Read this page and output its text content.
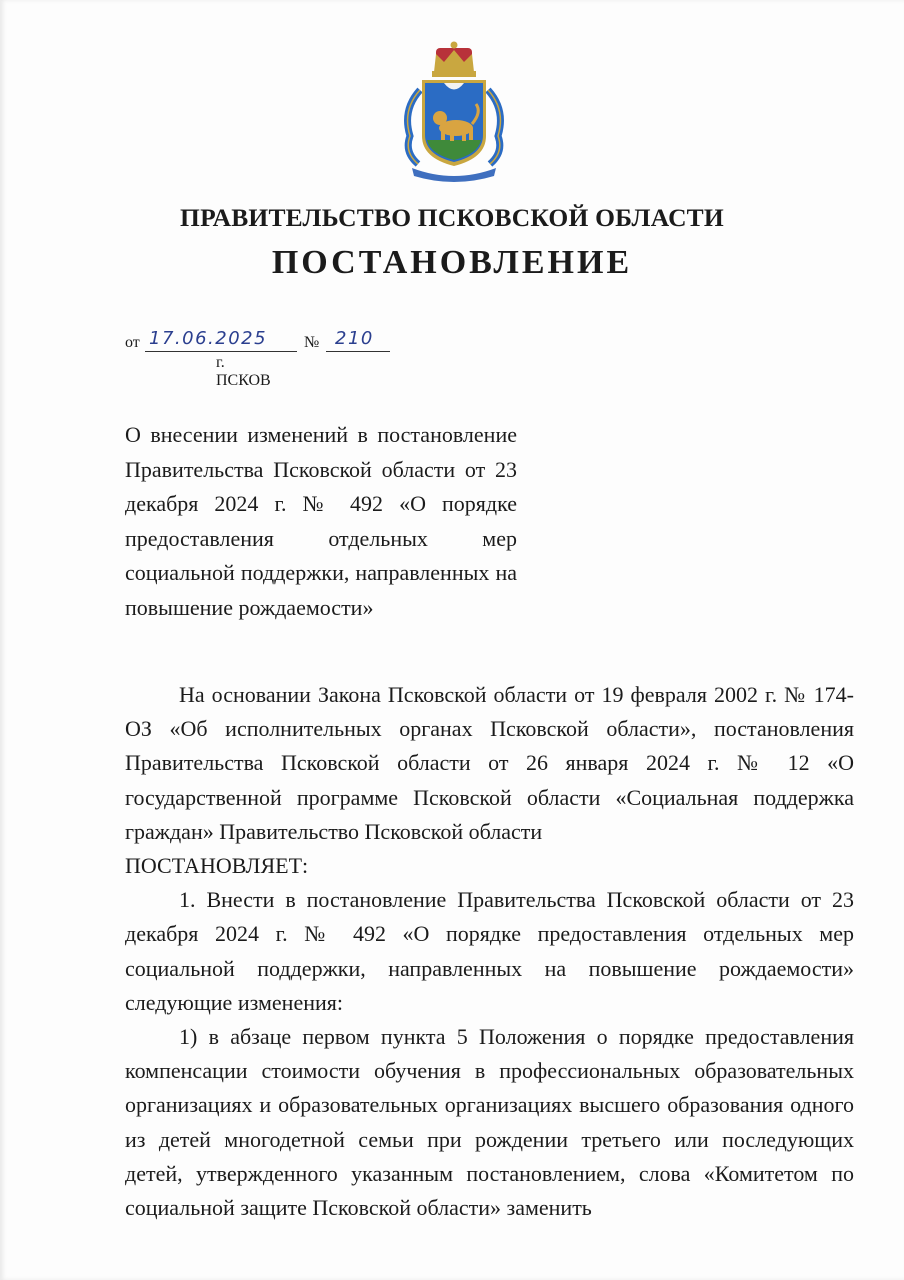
ПРАВИТЕЛЬСТВО ПСКОВСКОЙ ОБЛАСТИ
ПОСТАНОВЛЕНИЕ
от 17.06.2025 № 210
г. ПСКОВ
О внесении изменений в постановление Правительства Псковской области от 23 декабря 2024 г. № 492 «О порядке предоставления отдельных мер социальной поддержки, направленных на повышение рождаемости»

На основании Закона Псковской области от 19 февраля 2002 г. № 174-ОЗ «Об исполнительных органах Псковской области», постановления Правительства Псковской области от 26 января 2024 г. № 12 «О государственной программе Псковской области «Социальная поддержка граждан» Правительство Псковской области

ПОСТАНОВЛЯЕТ:

1. Внести в постановление Правительства Псковской области от 23 декабря 2024 г. № 492 «О порядке предоставления отдельных мер социальной поддержки, направленных на повышение рождаемости» следующие изменения:

1) в абзаце первом пункта 5 Положения о порядке предоставления компенсации стоимости обучения в профессиональных образовательных организациях и образовательных организациях высшего образования одного из детей многодетной семьи при рождении третьего или последующих детей, утвержденного указанным постановлением, слова «Комитетом по социальной защите Псковской области» заменить
